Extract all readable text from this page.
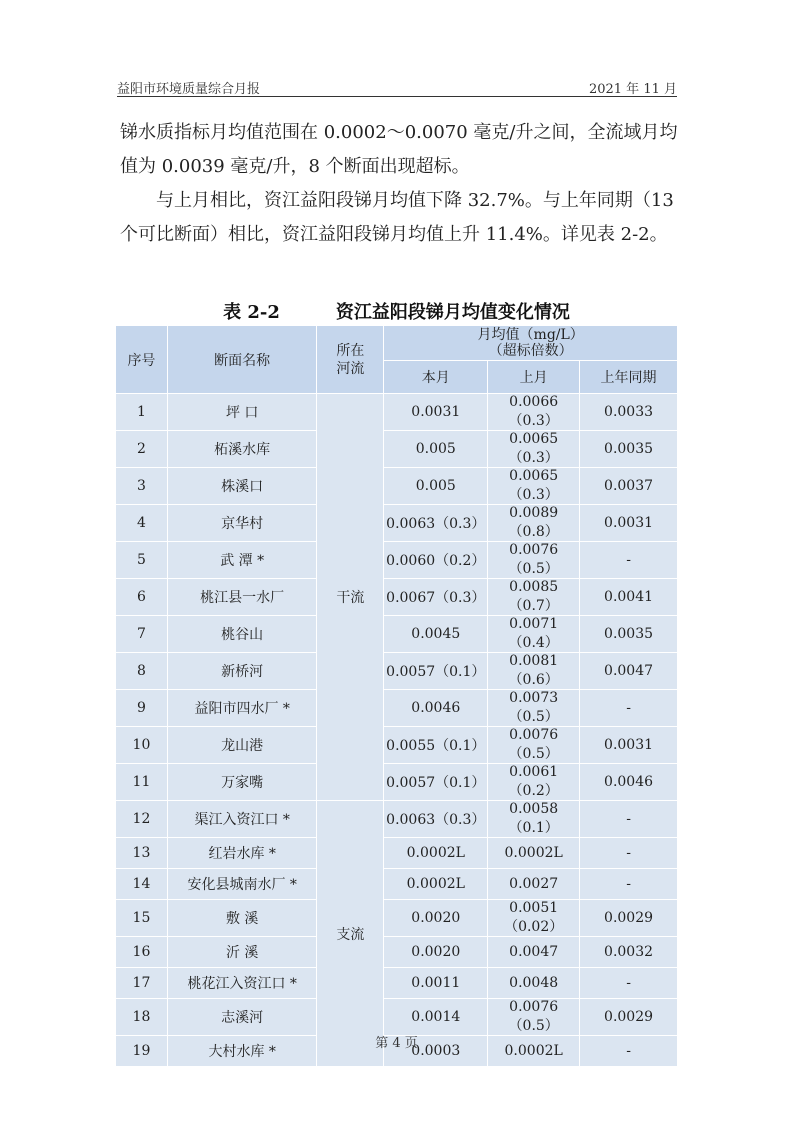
益阳市环境质量综合月报	2021 年 11 月
锑水质指标月均值范围在 0.0002～0.0070 毫克/升之间，全流域月均值为 0.0039 毫克/升，8 个断面出现超标。
与上月相比，资江益阳段锑月均值下降 32.7%。与上年同期（13 个可比断面）相比，资江益阳段锑月均值上升 11.4%。详见表 2-2。
表 2-2	资江益阳段锑月均值变化情况
序号	断面名称	所在河流	月均值（mg/L）
（超标倍数）		

			本月	上月	上年同期
1	坪 口	干流	0.0031	0.0066（0.3）	0.0033
2	柘溪水库		0.005	0.0065（0.3）	0.0035
3	株溪口		0.005	0.0065（0.3）	0.0037
4	京华村		0.0063（0.3）	0.0089（0.8）	0.0031
5	武 潭 *		0.0060（0.2）	0.0076（0.5）	-
6	桃江县一水厂		0.0067（0.3）	0.0085（0.7）	0.0041
7	桃谷山		0.0045	0.0071（0.4）	0.0035
8	新桥河		0.0057（0.1）	0.0081（0.6）	0.0047
9	益阳市四水厂 *		0.0046	0.0073（0.5）	-
10	龙山港		0.0055（0.1）	0.0076（0.5）	0.0031
11	万家嘴		0.0057（0.1）	0.0061（0.2）	0.0046
12	渠江入资江口 *	支流	0.0063（0.3）	0.0058（0.1）	-
13	红岩水库 *		0.0002L	0.0002L	-
14	安化县城南水厂 *		0.0002L	0.0027	-
15	敷 溪		0.0020	0.0051（0.02）	0.0029
16	沂 溪		0.0020	0.0047	0.0032
17	桃花江入资江口 *		0.0011	0.0048	-
18	志溪河		0.0014	0.0076（0.5）	0.0029
19	大村水库 *		0.0003	0.0002L	-
第 4 页
